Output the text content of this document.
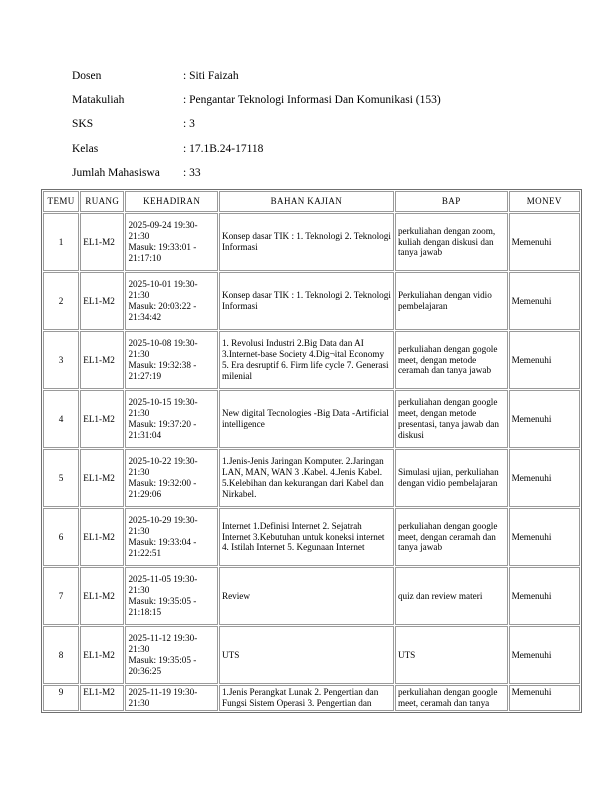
Dosen	: Siti Faizah
Matakuliah	: Pengantar Teknologi Informasi Dan Komunikasi (153)
SKS	: 3
Kelas	: 17.1B.24-17118
Jumlah Mahasiswa	: 33
TEMU	RUANG	KEHADIRAN	BAHAN KAJIAN	BAP	MONEV
1	EL1-M2	2025-09-24 19:30-
21:30
Masuk: 19:33:01 -
21:17:10	Konsep dasar TIK : 1. Teknologi 2. Teknologi Informasi	perkuliahan dengan zoom, kuliah dengan diskusi dan tanya jawab	Memenuhi
2	EL1-M2	2025-10-01 19:30-
21:30
Masuk: 20:03:22 -
21:34:42	Konsep dasar TIK : 1. Teknologi 2. Teknologi Informasi	Perkuliahan dengan vidio pembelajaran	Memenuhi
3	EL1-M2	2025-10-08 19:30-
21:30
Masuk: 19:32:38 -
21:27:19	1. Revolusi Industri 2.Big Data dan AI 3.Internet-base Society 4.Dig¬ital Economy 5. Era desruptif 6. Firm life cycle 7. Generasi milenial	perkuliahan dengan gogole meet, dengan metode ceramah dan tanya jawab	Memenuhi
4	EL1-M2	2025-10-15 19:30-
21:30
Masuk: 19:37:20 -
21:31:04	New digital Tecnologies -Big Data -Artificial intelligence	perkuliahan dengan google meet, dengan metode presentasi, tanya jawab dan diskusi	Memenuhi
5	EL1-M2	2025-10-22 19:30-
21:30
Masuk: 19:32:00 -
21:29:06	1.Jenis-Jenis Jaringan Komputer. 2.Jaringan LAN, MAN, WAN 3 .Kabel. 4.Jenis Kabel. 5.Kelebihan dan kekurangan dari Kabel dan Nirkabel.	Simulasi ujian, perkuliahan dengan vidio pembelajaran	Memenuhi
6	EL1-M2	2025-10-29 19:30-
21:30
Masuk: 19:33:04 -
21:22:51	Internet 1.Definisi Internet 2. Sejatrah Internet 3.Kebutuhan untuk koneksi internet 4. Istilah Internet 5. Kegunaan Internet	perkuliahan dengan google meet, dengan ceramah dan tanya jawab	Memenuhi
7	EL1-M2	2025-11-05 19:30-
21:30
Masuk: 19:35:05 -
21:18:15	Review	quiz dan review materi	Memenuhi
8	EL1-M2	2025-11-12 19:30-
21:30
Masuk: 19:35:05 -
20:36:25	UTS	UTS	Memenuhi
9	EL1-M2	2025-11-19 19:30-
21:30	1.Jenis Perangkat Lunak 2. Pengertian dan Fungsi Sistem Operasi 3. Pengertian dan	perkuliahan dengan google meet, ceramah dan tanya	Memenuhi
